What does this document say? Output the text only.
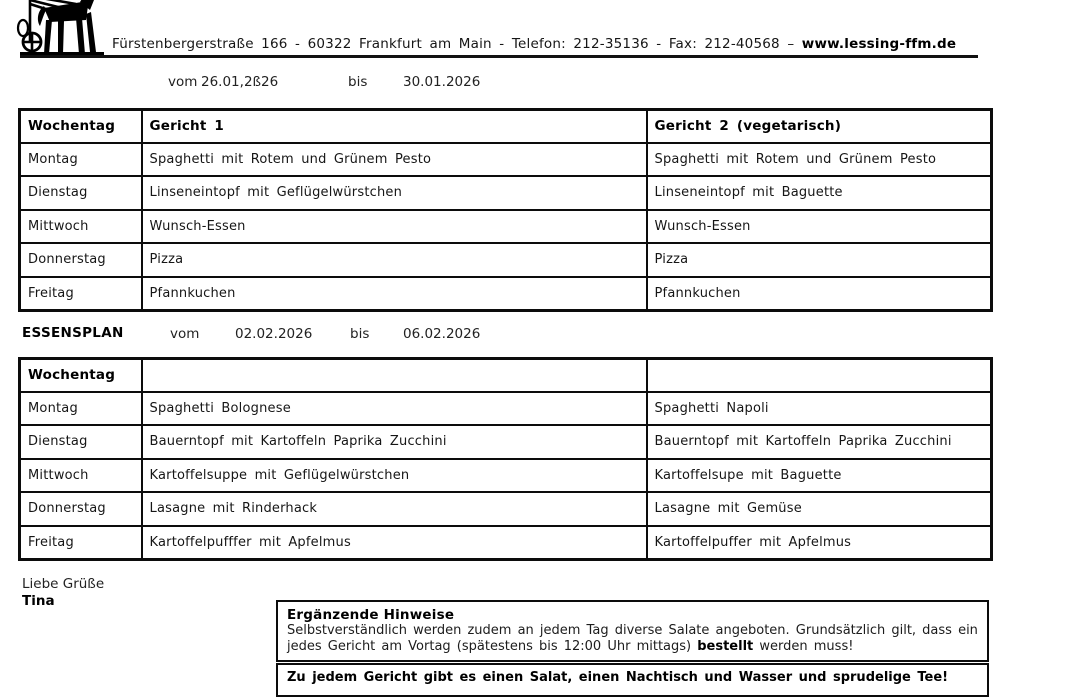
Fürstenbergerstraße 166 - 60322 Frankfurt am Main - Telefon: 212-35136 - Fax: 212-40568 – www.lessing-ffm.de
vom 26.01,2ß26	bis	30.01.2026
Wochentag	Gericht 1	Gericht 2 (vegetarisch)
Montag	Spaghetti mit Rotem und Grünem Pesto	Spaghetti mit Rotem und Grünem Pesto
Dienstag	Linseneintopf mit Geflügelwürstchen	Linseneintopf mit Baguette
Mittwoch	Wunsch-Essen	Wunsch-Essen
Donnerstag	Pizza	Pizza
Freitag	Pfannkuchen	Pfannkuchen
ESSENSPLAN	vom	02.02.2026	bis 06.02.2026
Wochentag		
Montag	Spaghetti Bolognese	Spaghetti Napoli
Dienstag	Bauerntopf mit Kartoffeln Paprika Zucchini	Bauerntopf mit Kartoffeln Paprika Zucchini
Mittwoch	Kartoffelsuppe mit Geflügelwürstchen	Kartoffelsupe mit Baguette
Donnerstag	Lasagne mit Rinderhack	Lasagne mit Gemüse
Freitag	Kartoffelpufffer mit Apfelmus	Kartoffelpuffer mit Apfelmus
Liebe Grüße
Tina
Ergänzende Hinweise
Selbstverständlich werden zudem an jedem Tag diverse Salate angeboten. Grundsätzlich gilt, dass ein jedes Gericht am Vortag (spätestens bis 12:00 Uhr mittags) bestellt werden muss!
Zu jedem Gericht gibt es einen Salat, einen Nachtisch und Wasser und sprudelige Tee!
